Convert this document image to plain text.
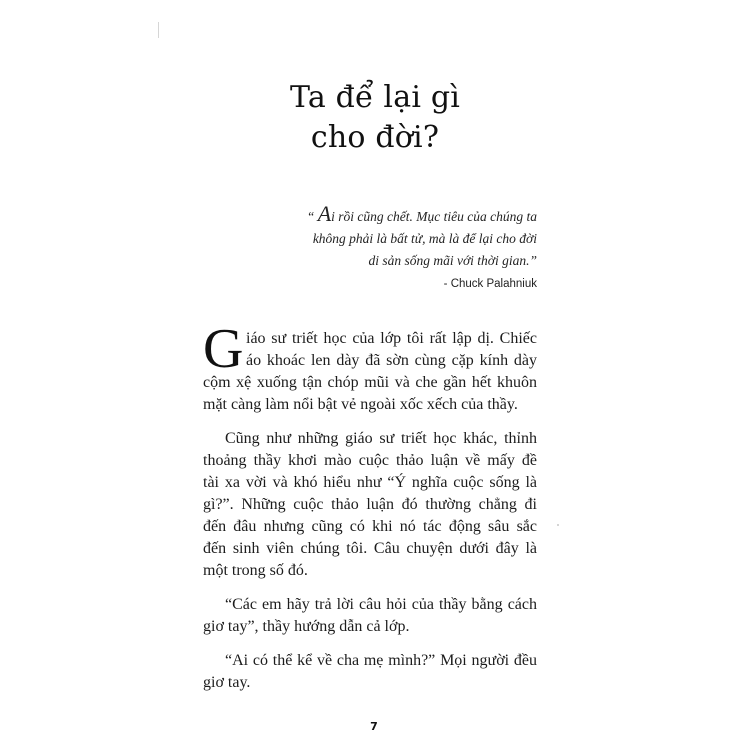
Ta để lại gì
cho đời?
“ Ai rồi cũng chết. Mục tiêu của chúng ta
không phải là bất tử, mà là để lại cho đời
di sản sống mãi với thời gian.”
- Chuck Palahniuk
G iáo sư triết học của lớp tôi rất lập dị. Chiếc
áo khoác len dày đã sờn cùng cặp kính dày
cộm xệ xuống tận chóp mũi và che gần hết khuôn
mặt càng làm nổi bật vẻ ngoài xốc xếch của thầy.
Cũng như những giáo sư triết học khác, thỉnh
thoảng thầy khơi mào cuộc thảo luận về mấy đề
tài xa vời và khó hiểu như “Ý nghĩa cuộc sống là
gì?”. Những cuộc thảo luận đó thường chẳng đi
đến đâu nhưng cũng có khi nó tác động sâu sắc
đến sinh viên chúng tôi. Câu chuyện dưới đây là
một trong số đó.
“Các em hãy trả lời câu hỏi của thầy bằng cách
giơ tay”, thầy hướng dẫn cả lớp.
“Ai có thể kể về cha mẹ mình?” Mọi người đều
giơ tay.
7
